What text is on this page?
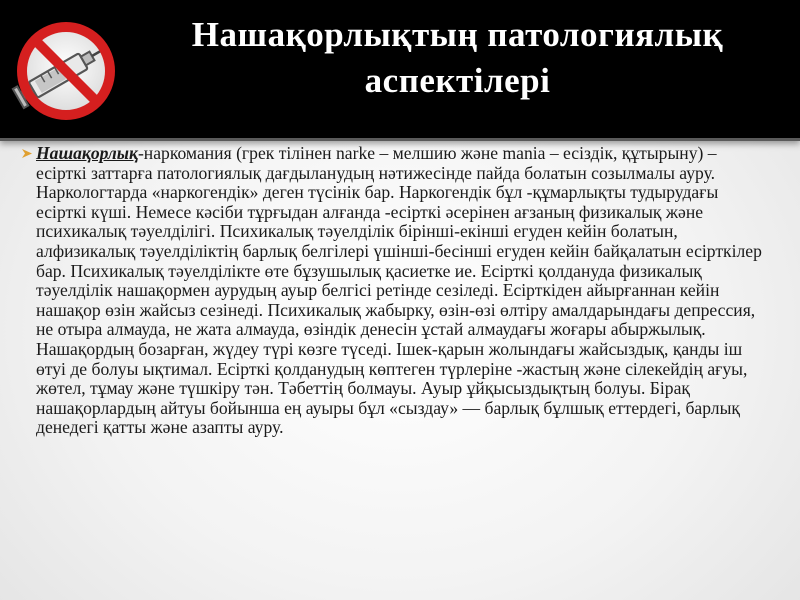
Нашақорлықтың патологиялық
аспектілері
Нашақорлық-наркомания (грек тілінен narke – мелшию және mania – есіздік, құтырыну) – есірткі заттарға патологиялық дағдыланудың нәтижесінде пайда болатын созылмалы ауру. Наркологтарда «наркогендік» деген түсінік бар. Наркогендік бұл -құмарлықты тудырудағы есірткі күші. Немесе кәсіби тұрғыдан алғанда -есірткі әсерінен ағзаның физикалық және психикалық тәуелділігі. Психикалық тәуелділік бірінші-екінші егуден кейін болатын, алфизикалық тәуелділіктің барлық белгілері үшінші-бесінші егуден кейін байқалатын есірткілер бар. Психикалық тәуелділікте өте бұзушылық қасиетке ие. Есірткі қолдануда физикалық тәуелділік нашақормен аурудың ауыр белгісі ретінде сезіледі. Есірткіден айырғаннан кейін нашақор өзін жайсыз сезінеді. Психикалық жабырку, өзін-өзі өлтіру амалдарындағы депрессия, не отыра алмауда, не жата алмауда, өзіндік денесін ұстай алмаудағы жоғары абыржылық. Нашақордың бозарған, жүдеу түрі көзге түседі. Ішек-қарын жолындағы жайсыздық, қанды іш өтуі де болуы ықтимал. Есірткі қолданудың көптеген түрлеріне -жастың және сілекейдің ағуы, жөтел, тұмау және түшкіру тән. Тәбеттің болмауы. Ауыр ұйқысыздықтың болуы. Бірақ нашақорлардың айтуы бойынша ең ауыры бұл «сыздау» — барлық бұлшық еттердегі, барлық денедегі қатты және азапты ауру.
